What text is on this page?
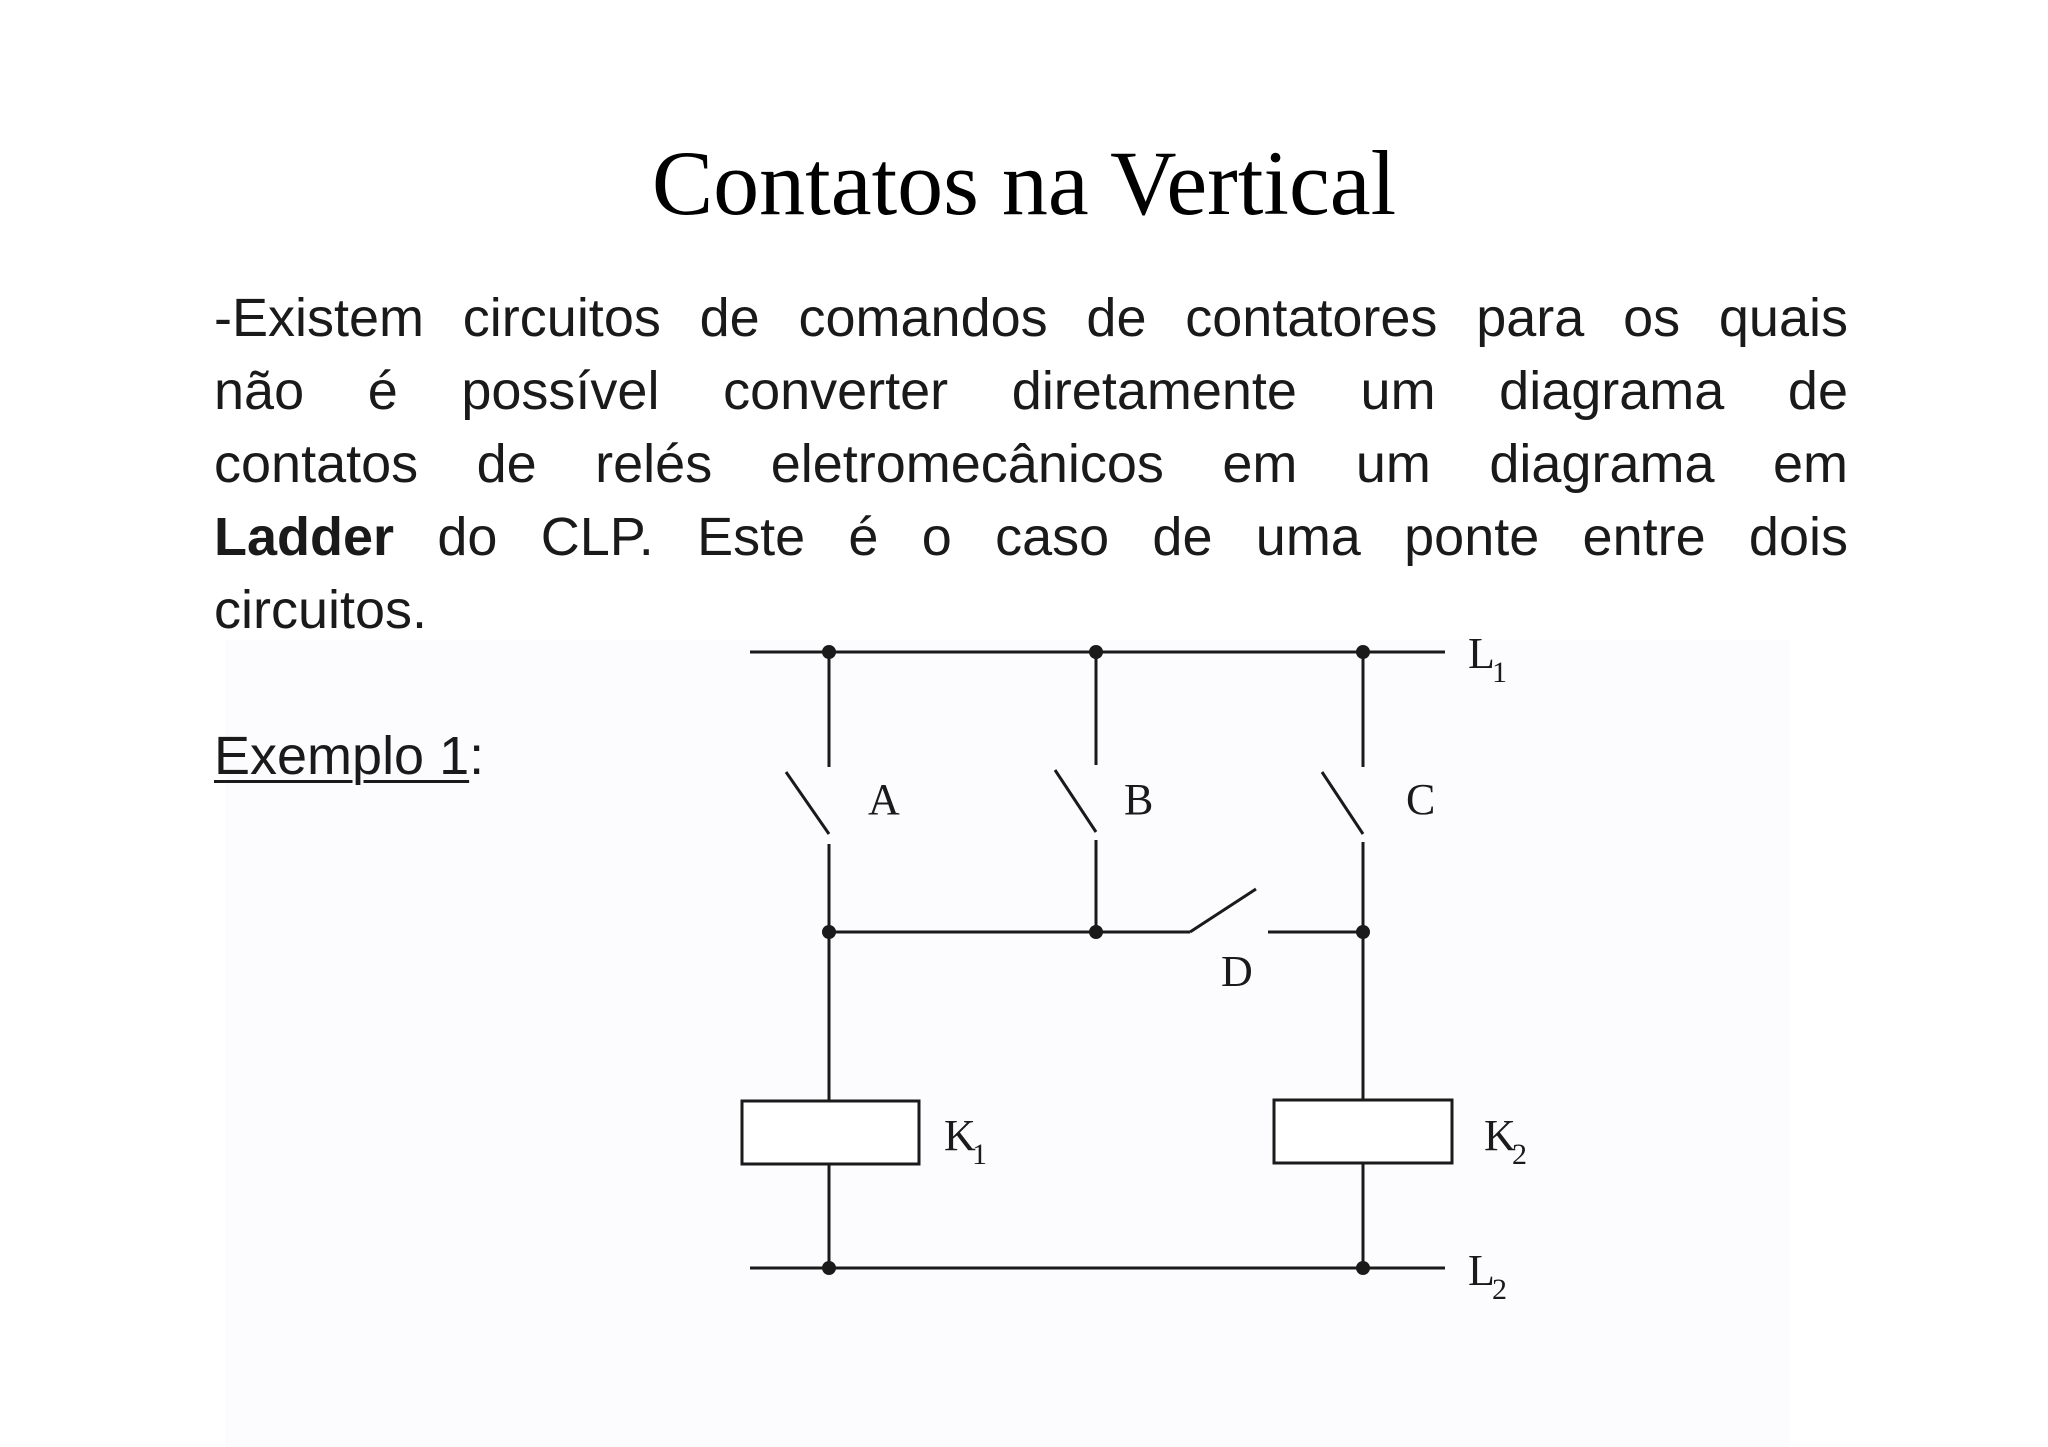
Contatos na Vertical
-Existem circuitos de comandos de contatores para os quais
não é possível converter diretamente um diagrama de
contatos de relés eletromecânicos em um diagrama em
Ladder do CLP. Este é o caso de uma ponte entre dois
circuitos.
Exemplo 1:
L
1
L
2
A	B	C
D
K
1	K
2
